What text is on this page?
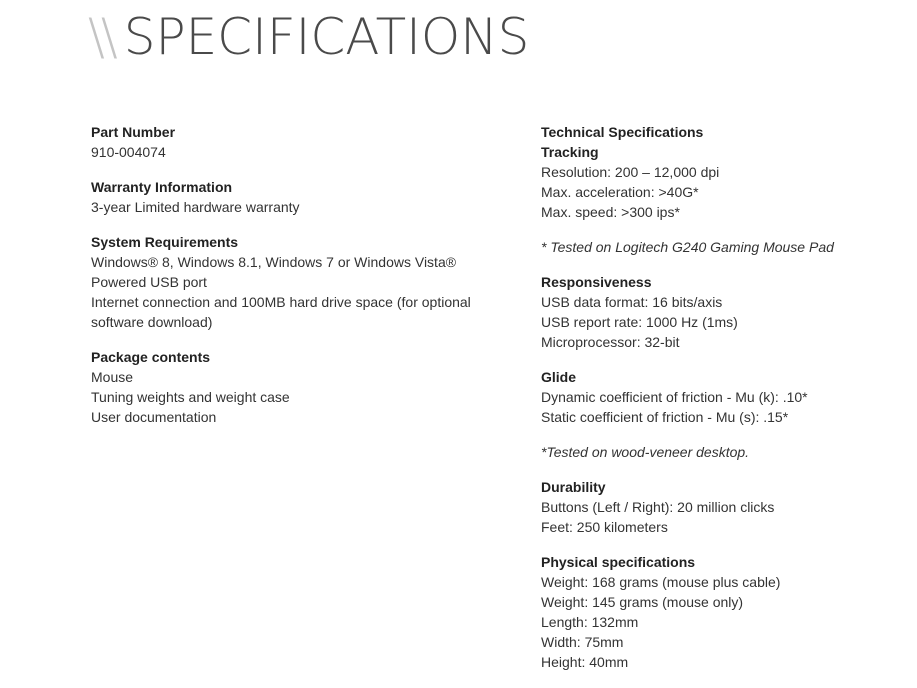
\\ SPECIFICATIONS
Part Number
910-004074
Warranty Information
3-year Limited hardware warranty
System Requirements
Windows® 8, Windows 8.1, Windows 7 or Windows Vista®
Powered USB port
Internet connection and 100MB hard drive space (for optional
software download)
Package contents
Mouse
Tuning weights and weight case
User documentation
Technical Specifications
Tracking
Resolution: 200 – 12,000 dpi
Max. acceleration: >40G*
Max. speed: >300 ips*
* Tested on Logitech G240 Gaming Mouse Pad
Responsiveness
USB data format: 16 bits/axis
USB report rate: 1000 Hz (1ms)
Microprocessor: 32-bit
Glide
Dynamic coefficient of friction - Mu (k): .10*
Static coefficient of friction - Mu (s): .15*
*Tested on wood-veneer desktop.
Durability
Buttons (Left / Right): 20 million clicks
Feet: 250 kilometers
Physical specifications
Weight: 168 grams (mouse plus cable)
Weight: 145 grams (mouse only)
Length: 132mm
Width: 75mm
Height: 40mm
